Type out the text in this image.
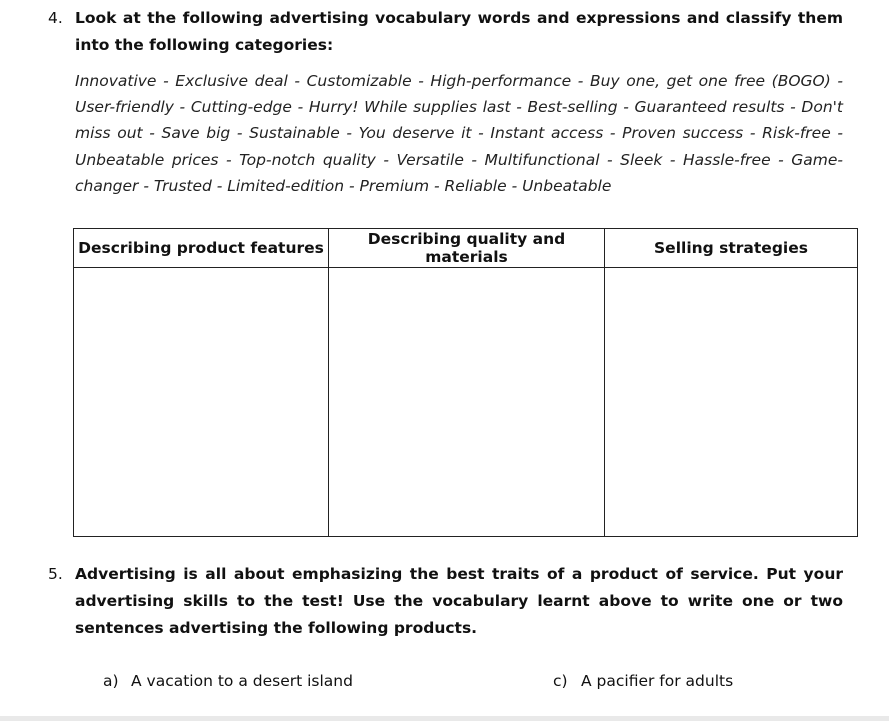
4. Look at the following advertising vocabulary words and expressions and classify them into the following categories:
Innovative - Exclusive deal - Customizable - High-performance - Buy one, get one free (BOGO) - User-friendly - Cutting-edge - Hurry! While supplies last - Best-selling - Guaranteed results - Don't miss out - Save big - Sustainable - You deserve it - Instant access - Proven success - Risk-free - Unbeatable prices - Top-notch quality - Versatile - Multifunctional - Sleek - Hassle-free - Game-changer - Trusted - Limited-edition - Premium - Reliable - Unbeatable
Describing product features	Describing quality and materials	Selling strategies

5. Advertising is all about emphasizing the best traits of a product of service. Put your advertising skills to the test! Use the vocabulary learnt above to write one or two sentences advertising the following products.
a) A vacation to a desert island	c) A pacifier for adults
